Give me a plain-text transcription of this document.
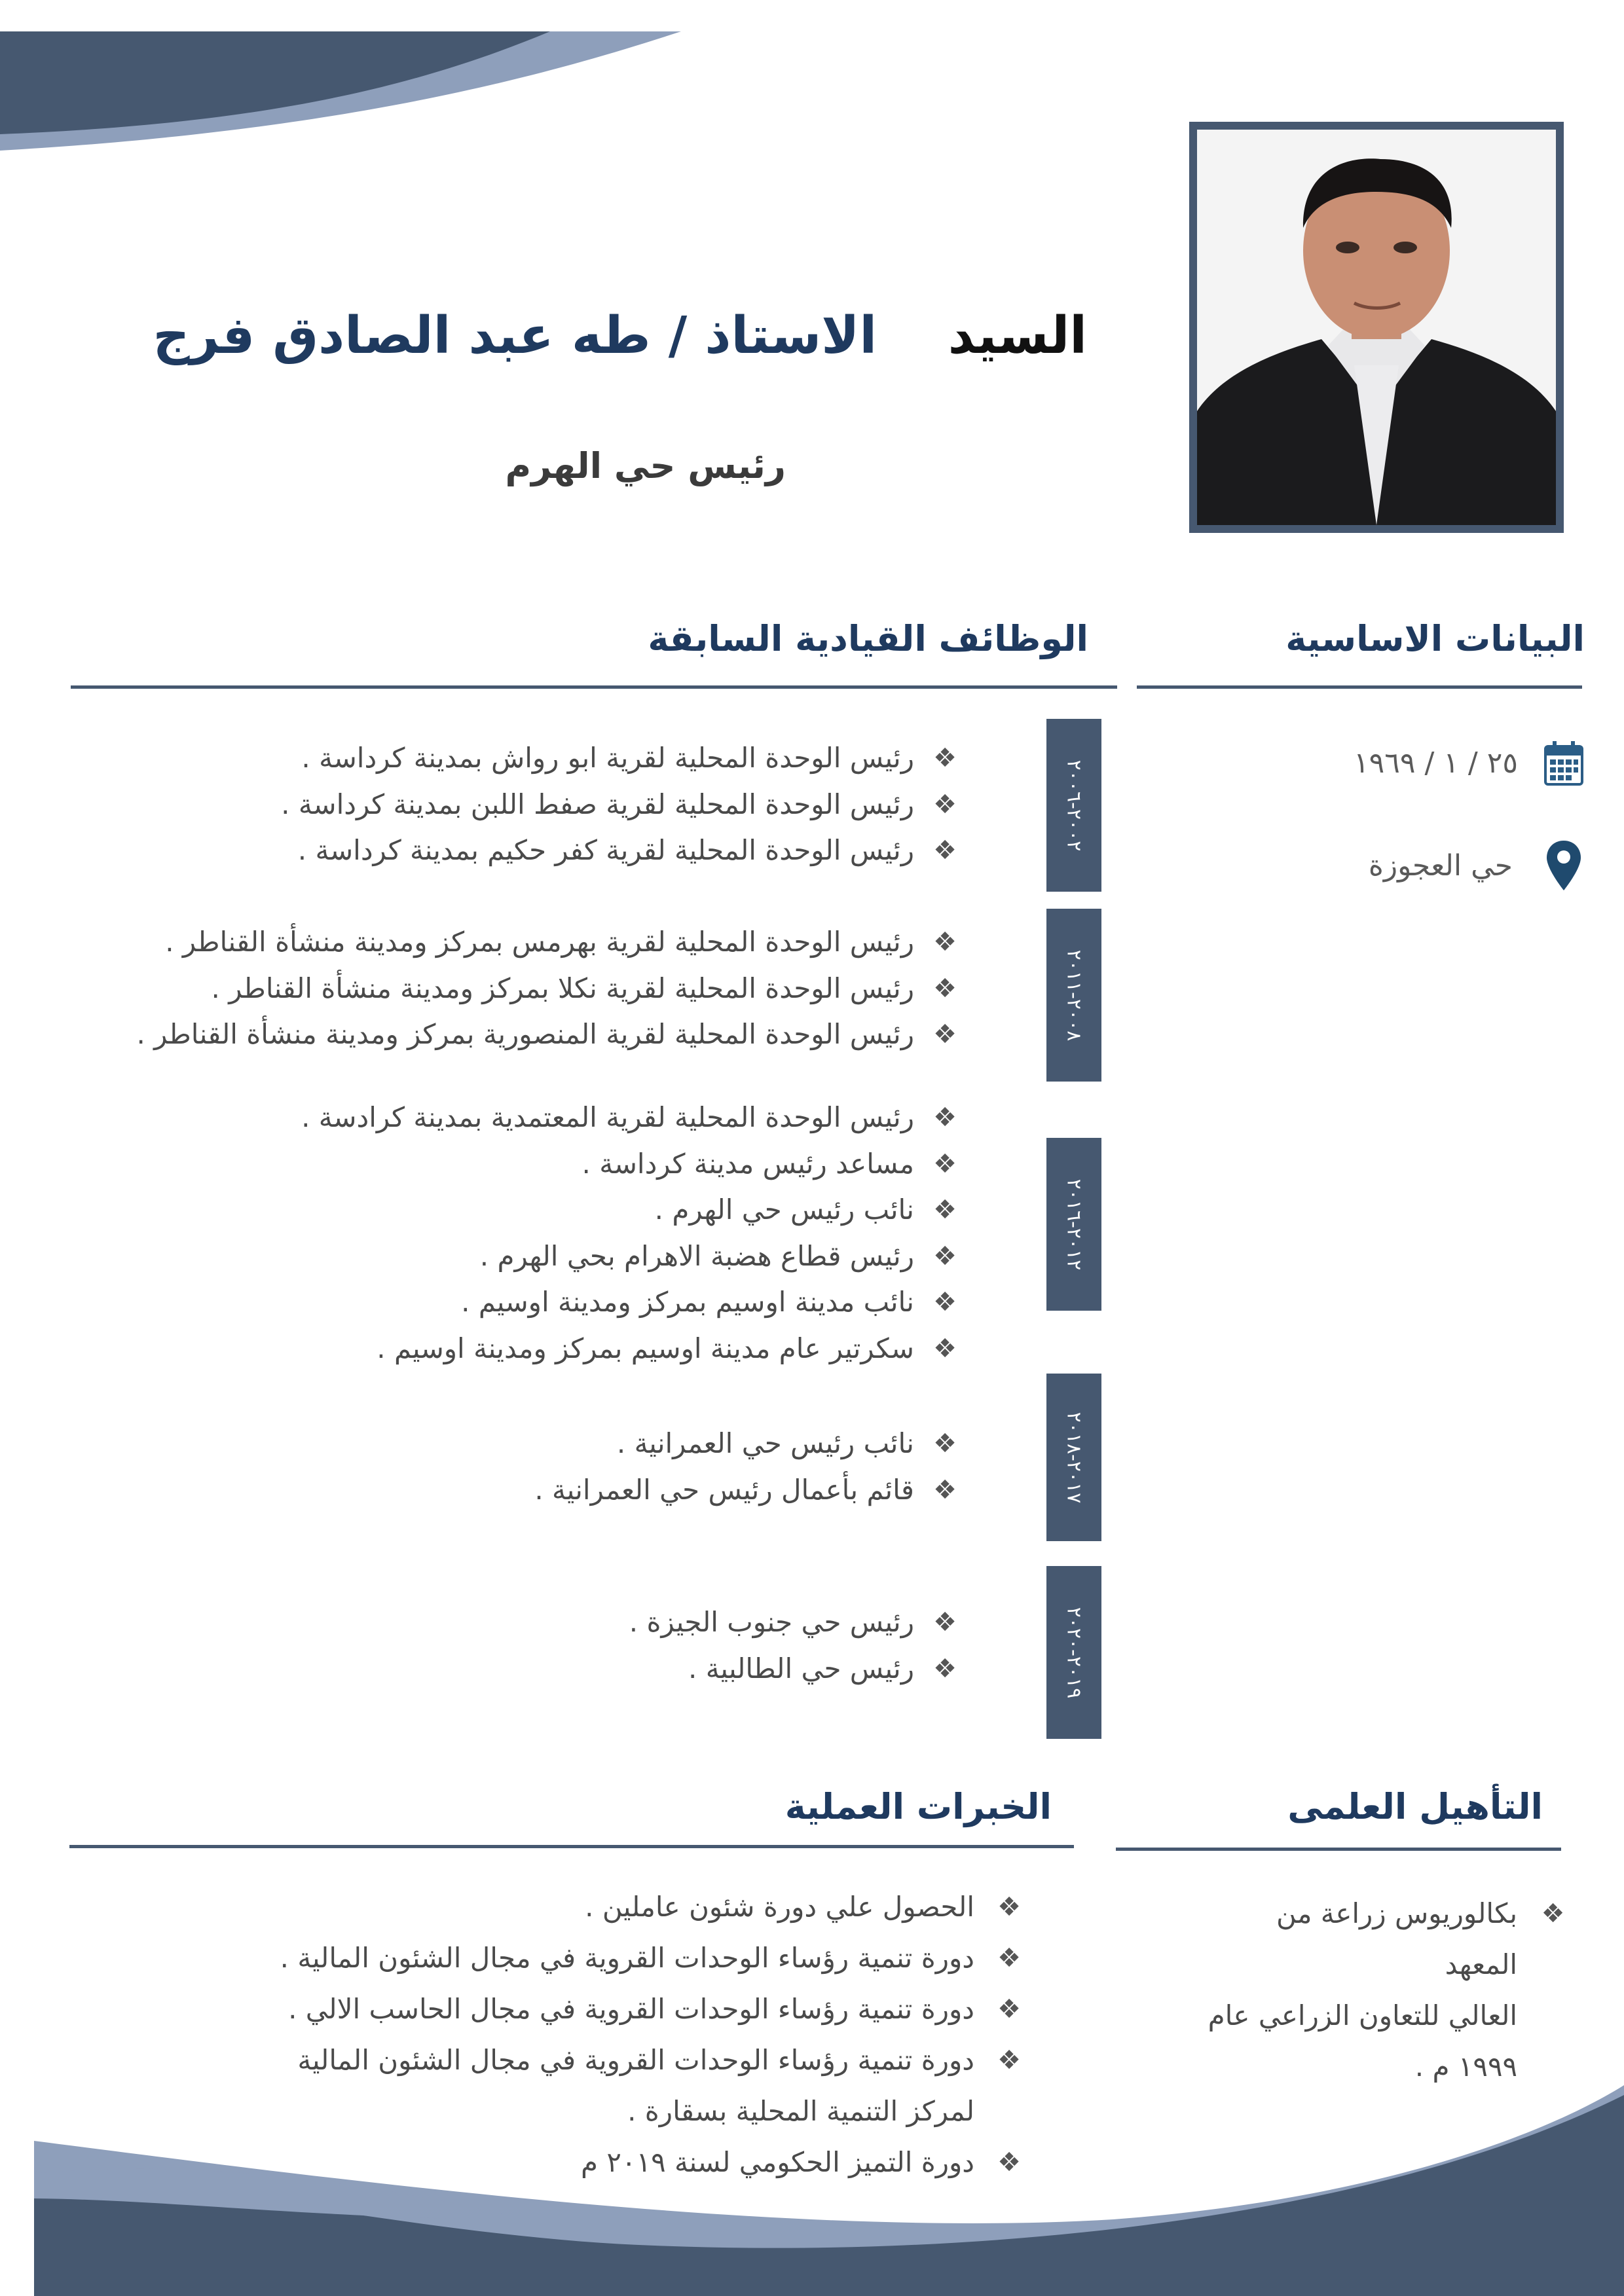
السيد    الاستاذ / طه عبد الصادق فرج
رئيس حي الهرم
البيانات الاساسية
٢٥ / ١ / ١٩٦٩
حي العجوزة
الوظائف القيادية السابقة
٢٠٠٢-٢٠٠٦
❖
رئيس الوحدة المحلية لقرية ابو رواش بمدينة كرداسة .
❖
رئيس الوحدة المحلية لقرية صفط اللبن بمدينة كرداسة .
❖
رئيس الوحدة المحلية لقرية كفر حكيم بمدينة كرداسة .
٢٠٠٨-٢٠١١
❖
رئيس الوحدة المحلية لقرية بهرمس بمركز ومدينة منشأة القناطر .
❖
رئيس الوحدة المحلية لقرية نكلا بمركز ومدينة منشأة القناطر .
❖
رئيس الوحدة المحلية لقرية المنصورية بمركز ومدينة منشأة القناطر .
٢٠١٢-٢٠١٦
❖
رئيس الوحدة المحلية لقرية المعتمدية بمدينة كرادسة .
❖
مساعد رئيس مدينة كرداسة .
❖
نائب رئيس حي الهرم .
❖
رئيس قطاع هضبة الاهرام بحي الهرم .
❖
نائب مدينة اوسيم بمركز ومدينة اوسيم .
❖
سكرتير عام مدينة اوسيم بمركز ومدينة اوسيم .
٢٠١٧-٢٠١٨
❖
نائب رئيس حي العمرانية .
❖
قائم بأعمال رئيس حي العمرانية .
٢٠١٩-٢٠٢٠
❖
رئيس حي جنوب الجيزة .
❖
رئيس حي الطالبية .
التأهيل العلمى
❖
بكالوريوس زراعة من المعهد
العالي للتعاون الزراعي عام
١٩٩٩ م .
الخبرات العملية
❖
الحصول علي دورة شئون عاملين .
❖
دورة تنمية رؤساء الوحدات القروية في مجال الشئون المالية .
❖
دورة تنمية رؤساء الوحدات القروية في مجال الحاسب الالي .
❖
دورة تنمية رؤساء الوحدات القروية في مجال الشئون المالية
لمركز التنمية المحلية بسقارة .
❖
دورة التميز الحكومي لسنة ٢٠١٩ م
